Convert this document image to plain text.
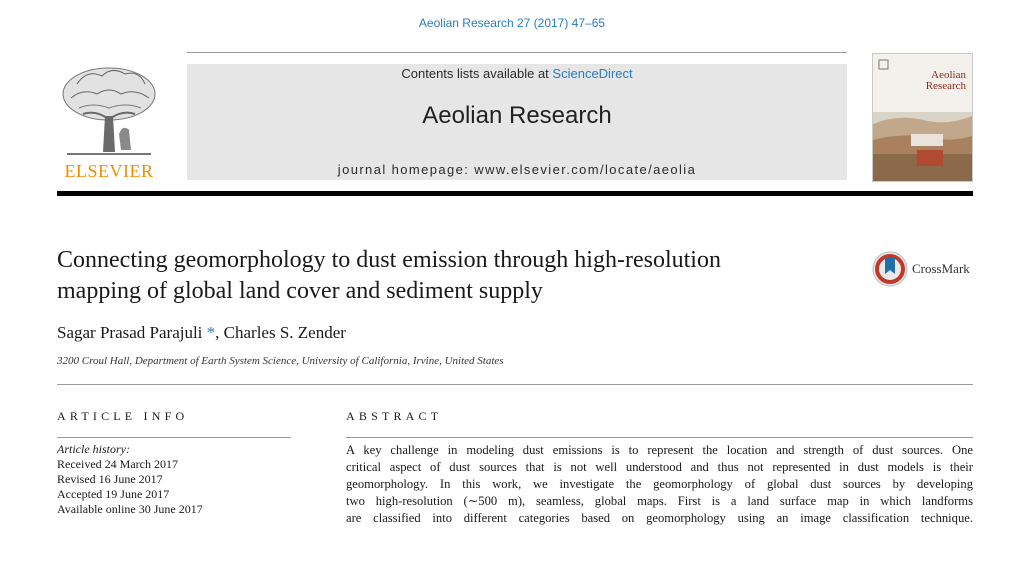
Aeolian Research 27 (2017) 47–65
ELSEVIER
Contents lists available at ScienceDirect
Aeolian Research
journal homepage: www.elsevier.com/locate/aeolia
Aeolian
Research
Connecting geomorphology to dust emission through high-resolution
mapping of global land cover and sediment supply
CrossMark
Sagar Prasad Parajuli *, Charles S. Zender
3200 Croul Hall, Department of Earth System Science, University of California, Irvine, United States
ARTICLE INFO	ABSTRACT
Article history:
Received 24 March 2017
Revised 16 June 2017
Accepted 19 June 2017
Available online 30 June 2017
A key challenge in modeling dust emissions is to represent the location and strength of dust sources. One
critical aspect of dust sources that is not well understood and thus not represented in dust models is their
geomorphology. In this work, we investigate the geomorphology of global dust sources by developing
two high-resolution (∼500 m), seamless, global maps. First is a land surface map in which landforms
are classified into different categories based on geomorphology using an image classification technique.
